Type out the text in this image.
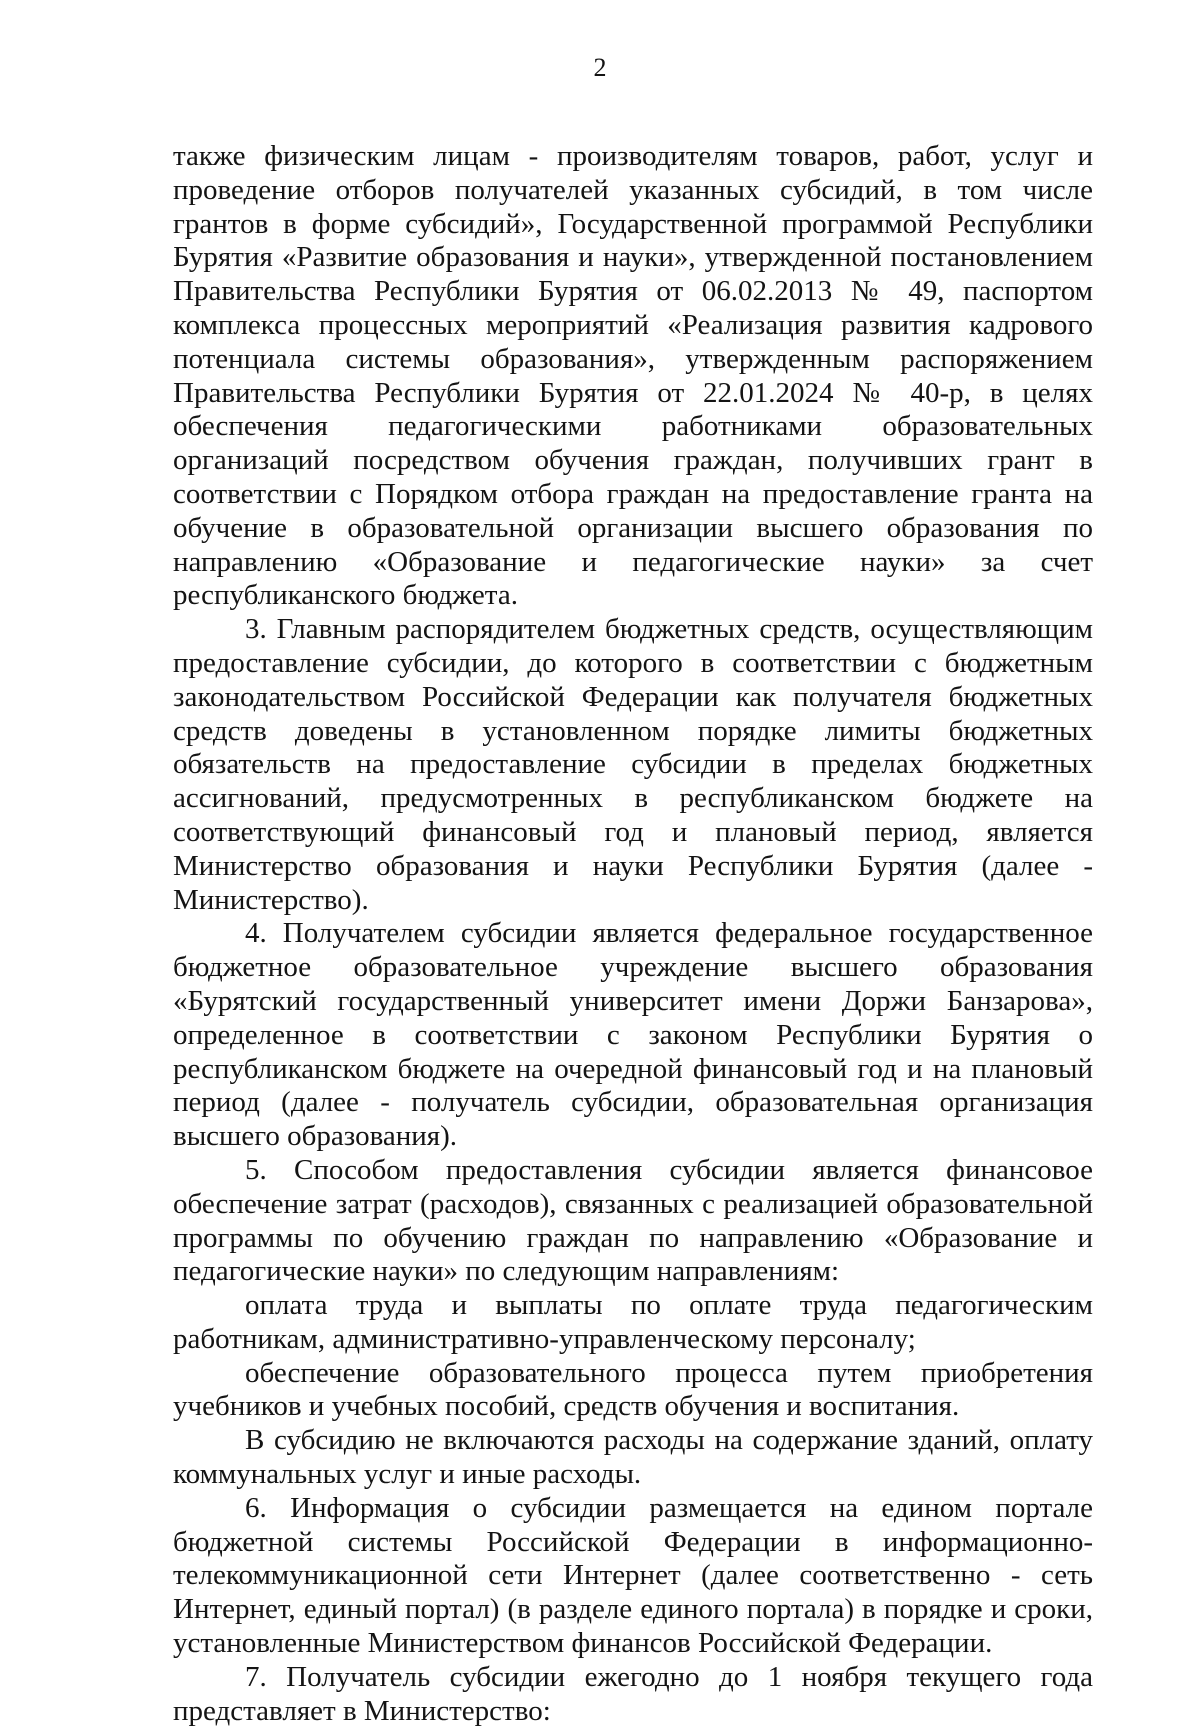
2

также физическим лицам - производителям товаров, работ, услуг и проведение отборов получателей указанных субсидий, в том числе грантов в форме субсидий», Государственной программой Республики Бурятия «Развитие образования и науки», утвержденной постановлением Правительства Республики Бурятия от 06.02.2013 № 49, паспортом комплекса процессных мероприятий «Реализация развития кадрового потенциала системы образования», утвержденным распоряжением Правительства Республики Бурятия от 22.01.2024 № 40-р, в целях обеспечения педагогическими работниками образовательных организаций посредством обучения граждан, получивших грант в соответствии с Порядком отбора граждан на предоставление гранта на обучение в образовательной организации высшего образования по направлению «Образование и педагогические науки» за счет республиканского бюджета.

3. Главным распорядителем бюджетных средств, осуществляющим предоставление субсидии, до которого в соответствии с бюджетным законодательством Российской Федерации как получателя бюджетных средств доведены в установленном порядке лимиты бюджетных обязательств на предоставление субсидии в пределах бюджетных ассигнований, предусмотренных в республиканском бюджете на соответствующий финансовый год и плановый период, является Министерство образования и науки Республики Бурятия (далее - Министерство).

4. Получателем субсидии является федеральное государственное бюджетное образовательное учреждение высшего образования «Бурятский государственный университет имени Доржи Банзарова», определенное в соответствии с законом Республики Бурятия о республиканском бюджете на очередной финансовый год и на плановый период (далее - получатель субсидии, образовательная организация высшего образования).

5. Способом предоставления субсидии является финансовое обеспечение затрат (расходов), связанных с реализацией образовательной программы по обучению граждан по направлению «Образование и педагогические науки» по следующим направлениям:

оплата труда и выплаты по оплате труда педагогическим работникам, административно-управленческому персоналу;

обеспечение образовательного процесса путем приобретения учебников и учебных пособий, средств обучения и воспитания.

В субсидию не включаются расходы на содержание зданий, оплату коммунальных услуг и иные расходы.

6. Информация о субсидии размещается на едином портале бюджетной системы Российской Федерации в информационно-телекоммуникационной сети Интернет (далее соответственно - сеть Интернет, единый портал) (в разделе единого портала) в порядке и сроки, установленные Министерством финансов Российской Федерации.

7. Получатель субсидии ежегодно до 1 ноября текущего года представляет в Министерство:
